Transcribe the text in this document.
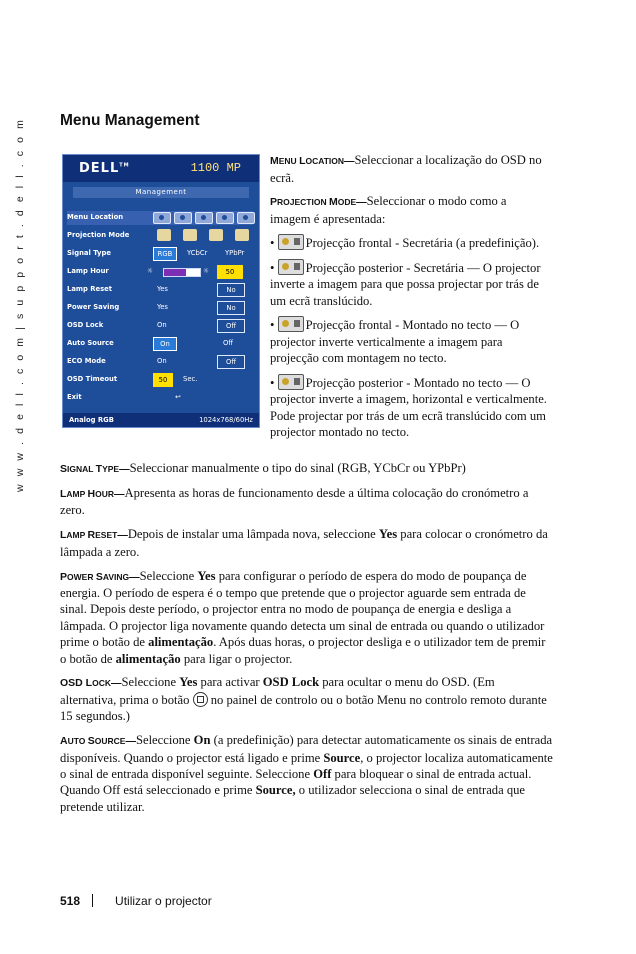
w w w . d e l l . c o m | s u p p o r t . d e l l . c o m	Menu Management
DELL™	1100 MP
Management
Menu Location
Projection Mode
Signal Type	RGB	YCbCr	YPbPr
Lamp Hour	☼	☼	50
Lamp Reset	Yes	No
Power Saving	Yes	No
OSD Lock	On	Off
Auto Source	On	Off
ECO Mode	On	Off
OSD Timeout	50	Sec.
Exit	↩
Analog RGB	1024x768/60Hz

MENU LOCATION—Seleccionar a localização do OSD no ecrã.

PROJECTION MODE—Seleccionar o modo como a imagem é apresentada:

• Projecção frontal - Secretária (a predefinição).

• Projecção posterior - Secretária — O projector inverte a imagem para que possa projectar por trás de um ecrã translúcido.

• Projecção frontal - Montado no tecto — O projector inverte verticalmente a imagem para projecção com montagem no tecto.

• Projecção posterior - Montado no tecto — O projector inverte a imagem, horizontal e verticalmente. Pode projectar por trás de um ecrã translúcido com um projector montado no tecto.

SIGNAL TYPE—Seleccionar manualmente o tipo do sinal (RGB, YCbCr ou YPbPr)

LAMP HOUR—Apresenta as horas de funcionamento desde a última colocação do cronómetro a zero.

LAMP RESET—Depois de instalar uma lâmpada nova, seleccione Yes para colocar o cronómetro da lâmpada a zero.

POWER SAVING—Seleccione Yes para configurar o período de espera do modo de poupança de energia. O período de espera é o tempo que pretende que o projector aguarde sem entrada de sinal. Depois deste período, o projector entra no modo de poupança de energia e desliga a lâmpada. O projector liga novamente quando detecta um sinal de entrada ou quando o utilizador prime o botão de alimentação. Após duas horas, o projector desliga e o utilizador tem de premir o botão de alimentação para ligar o projector.

OSD LOCK—Seleccione Yes para activar OSD Lock para ocultar o menu do OSD. (Em alternativa, prima o botão  no painel de controlo ou o botão Menu no controlo remoto durante 15 segundos.)

AUTO SOURCE—Seleccione On (a predefinição) para detectar automaticamente os sinais de entrada disponíveis. Quando o projector está ligado e prime Source, o projector localiza automaticamente o sinal de entrada disponível seguinte. Seleccione Off para bloquear o sinal de entrada actual. Quando Off está seleccionado e prime Source, o utilizador selecciona o sinal de entrada que pretende utilizar.

518	Utilizar o projector
